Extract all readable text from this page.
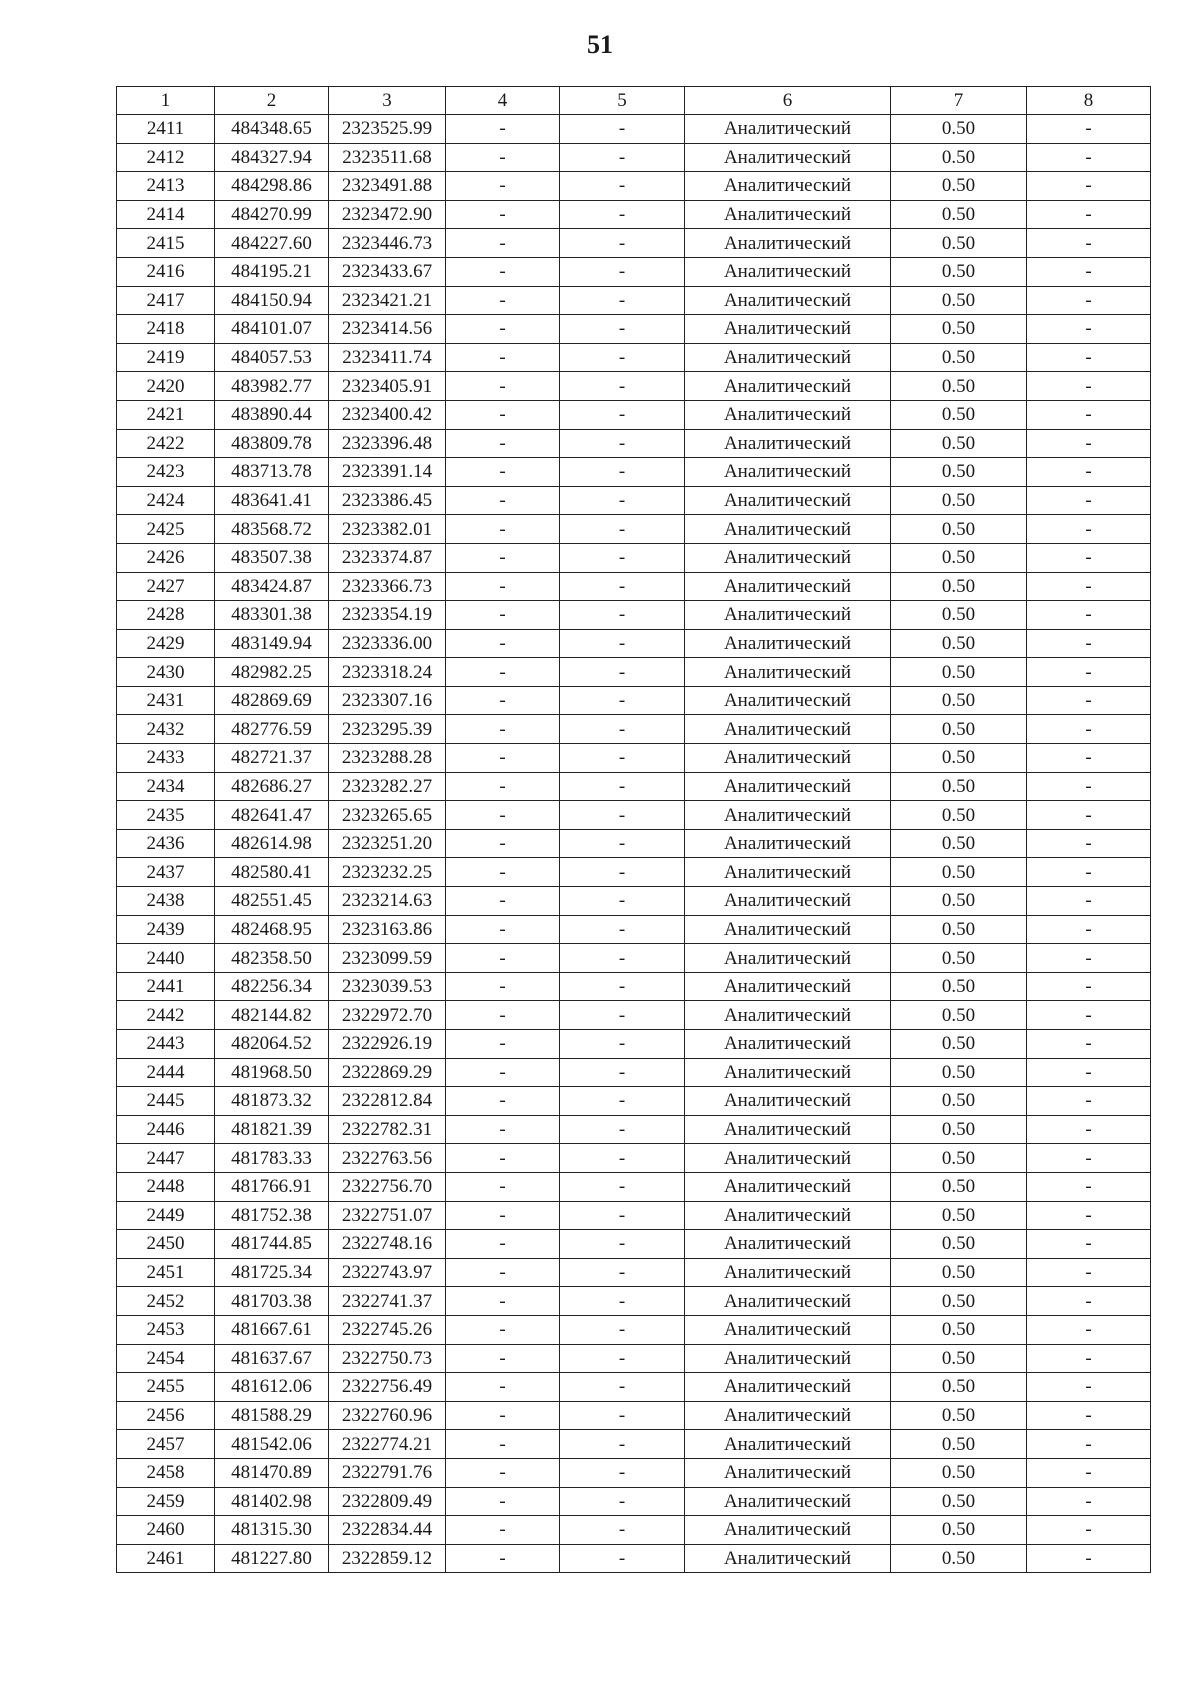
51
1	2	3	4	5	6	7	8
2411	484348.65	2323525.99	-	-	Аналитический	0.50	-
2412	484327.94	2323511.68	-	-	Аналитический	0.50	-
2413	484298.86	2323491.88	-	-	Аналитический	0.50	-
2414	484270.99	2323472.90	-	-	Аналитический	0.50	-
2415	484227.60	2323446.73	-	-	Аналитический	0.50	-
2416	484195.21	2323433.67	-	-	Аналитический	0.50	-
2417	484150.94	2323421.21	-	-	Аналитический	0.50	-
2418	484101.07	2323414.56	-	-	Аналитический	0.50	-
2419	484057.53	2323411.74	-	-	Аналитический	0.50	-
2420	483982.77	2323405.91	-	-	Аналитический	0.50	-
2421	483890.44	2323400.42	-	-	Аналитический	0.50	-
2422	483809.78	2323396.48	-	-	Аналитический	0.50	-
2423	483713.78	2323391.14	-	-	Аналитический	0.50	-
2424	483641.41	2323386.45	-	-	Аналитический	0.50	-
2425	483568.72	2323382.01	-	-	Аналитический	0.50	-
2426	483507.38	2323374.87	-	-	Аналитический	0.50	-
2427	483424.87	2323366.73	-	-	Аналитический	0.50	-
2428	483301.38	2323354.19	-	-	Аналитический	0.50	-
2429	483149.94	2323336.00	-	-	Аналитический	0.50	-
2430	482982.25	2323318.24	-	-	Аналитический	0.50	-
2431	482869.69	2323307.16	-	-	Аналитический	0.50	-
2432	482776.59	2323295.39	-	-	Аналитический	0.50	-
2433	482721.37	2323288.28	-	-	Аналитический	0.50	-
2434	482686.27	2323282.27	-	-	Аналитический	0.50	-
2435	482641.47	2323265.65	-	-	Аналитический	0.50	-
2436	482614.98	2323251.20	-	-	Аналитический	0.50	-
2437	482580.41	2323232.25	-	-	Аналитический	0.50	-
2438	482551.45	2323214.63	-	-	Аналитический	0.50	-
2439	482468.95	2323163.86	-	-	Аналитический	0.50	-
2440	482358.50	2323099.59	-	-	Аналитический	0.50	-
2441	482256.34	2323039.53	-	-	Аналитический	0.50	-
2442	482144.82	2322972.70	-	-	Аналитический	0.50	-
2443	482064.52	2322926.19	-	-	Аналитический	0.50	-
2444	481968.50	2322869.29	-	-	Аналитический	0.50	-
2445	481873.32	2322812.84	-	-	Аналитический	0.50	-
2446	481821.39	2322782.31	-	-	Аналитический	0.50	-
2447	481783.33	2322763.56	-	-	Аналитический	0.50	-
2448	481766.91	2322756.70	-	-	Аналитический	0.50	-
2449	481752.38	2322751.07	-	-	Аналитический	0.50	-
2450	481744.85	2322748.16	-	-	Аналитический	0.50	-
2451	481725.34	2322743.97	-	-	Аналитический	0.50	-
2452	481703.38	2322741.37	-	-	Аналитический	0.50	-
2453	481667.61	2322745.26	-	-	Аналитический	0.50	-
2454	481637.67	2322750.73	-	-	Аналитический	0.50	-
2455	481612.06	2322756.49	-	-	Аналитический	0.50	-
2456	481588.29	2322760.96	-	-	Аналитический	0.50	-
2457	481542.06	2322774.21	-	-	Аналитический	0.50	-
2458	481470.89	2322791.76	-	-	Аналитический	0.50	-
2459	481402.98	2322809.49	-	-	Аналитический	0.50	-
2460	481315.30	2322834.44	-	-	Аналитический	0.50	-
2461	481227.80	2322859.12	-	-	Аналитический	0.50	-
